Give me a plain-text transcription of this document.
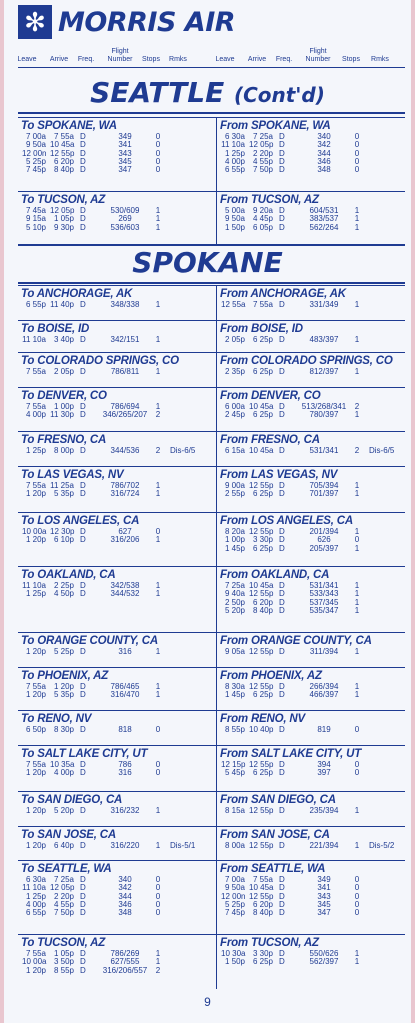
✻ MORRIS AIR
Leave	Arrive	Freq.
Flight
Number	Stops	Rmks	Leave	Arrive	Freq.
Flight
Number	Stops	Rmks
SEATTLE (Cont'd)
SPOKANE
To SPOKANE, WA
7 00a 7 55a D	349	0
9 50a 10 45a D	341	0
12 00n 12 55p D	343	0
5 25p 6 20p D	345	0
7 45p 8 40p D	347	0
From SPOKANE, WA
6 30a 7 25a D	340	0
11 10a 12 05p D	342	0
1 25p 2 20p D	344	0
4 00p 4 55p D	346	0
6 55p 7 50p D	348	0
To TUCSON, AZ
7 45a 12 05p D	530/609	1
9 15a 1 05p D	269	1
5 10p 9 30p D	536/603	1
From TUCSON, AZ
5 00a 9 20a D	604/531	1
9 50a 4 45p D	383/537	1
1 50p 6 05p D	562/264	1
To ANCHORAGE, AK
6 55p 11 40p D	348/338	1
From ANCHORAGE, AK
12 55a 7 55a D	331/349	1
To BOISE, ID
11 10a 3 40p D	342/151	1
From BOISE, ID
2 05p 6 25p D	483/397	1
To COLORADO SPRINGS, CO
7 55a 2 05p D	786/811	1
From COLORADO SPRINGS, CO
2 35p 6 25p D	812/397	1
To DENVER, CO
7 55a 1 00p D	786/694	1
4 00p 11 30p D	346/265/207	2
From DENVER, CO
6 00a 10 45a D	513/268/341	2
2 45p 6 25p D	780/397	1
To FRESNO, CA
1 25p 8 00p D	344/536	2	Dis-6/5
From FRESNO, CA
6 15a 10 45a D	531/341	2	Dis-6/5
To LAS VEGAS, NV
7 55a 11 25a D	786/702	1
1 20p 5 35p D	316/724	1
From LAS VEGAS, NV
9 00a 12 55p D	705/394	1
2 55p 6 25p D	701/397	1
To LOS ANGELES, CA
10 00a 12 30p D	627	0
1 20p 6 10p D	316/206	1
From LOS ANGELES, CA
8 20a 12 55p D	201/394	1
1 00p 3 30p D	626	0
1 45p 6 25p D	205/397	1
To OAKLAND, CA
11 10a 2 25p D	342/538	1
1 25p 4 50p D	344/532	1
From OAKLAND, CA
7 25a 10 45a D	531/341	1
9 40a 12 55p D	533/343	1
2 50p 6 20p D	537/345	1
5 20p 8 40p D	535/347	1
To ORANGE COUNTY, CA
1 20p 5 25p D	316	1
From ORANGE COUNTY, CA
9 05a 12 55p D	311/394	1
To PHOENIX, AZ
7 55a 1 20p D	786/465	1
1 20p 5 35p D	316/470	1
From PHOENIX, AZ
8 30a 12 55p D	266/394	1
1 45p 6 25p D	466/397	1
To RENO, NV
6 50p 8 30p D	818	0
From RENO, NV
8 55p 10 40p D	819	0
To SALT LAKE CITY, UT
7 55a 10 35a D	786	0
1 20p 4 00p D	316	0
From SALT LAKE CITY, UT
12 15p 12 55p D	394	0
5 45p 6 25p D	397	0
To SAN DIEGO, CA
1 20p 5 20p D	316/232	1
From SAN DIEGO, CA
8 15a 12 55p D	235/394	1
To SAN JOSE, CA
1 20p 6 40p D	316/220	1	Dis-5/1
From SAN JOSE, CA
8 00a 12 55p D	221/394	1	Dis-5/2
To SEATTLE, WA
6 30a 7 25a D	340	0
11 10a 12 05p D	342	0
1 25p 2 20p D	344	0
4 00p 4 55p D	346	0
6 55p 7 50p D	348	0
From SEATTLE, WA
7 00a 7 55a D	349	0
9 50a 10 45a D	341	0
12 00n 12 55p D	343	0
5 25p 6 20p D	345	0
7 45p 8 40p D	347	0
To TUCSON, AZ
7 55a 1 05p D	786/269	1
10 00a 3 50p D	627/555	1
1 20p 8 55p D	316/206/557	2
From TUCSON, AZ
10 30a 3 30p D	550/626	1
1 50p 6 25p D	562/397	1
9
